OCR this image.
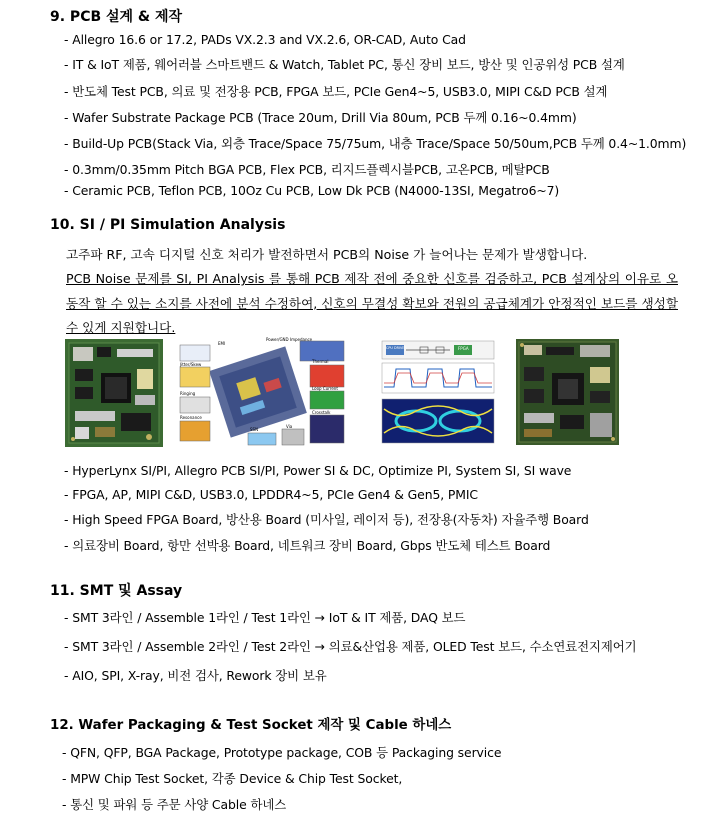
9. PCB 설계 & 제작
- Allegro 16.6 or 17.2, PADs VX.2.3 and VX.2.6, OR-CAD, Auto Cad
- IT & IoT 제품, 웨어러블 스마트밴드 & Watch, Tablet PC, 통신 장비 보드, 방산 및 인공위성 PCB 설계
- 반도체 Test PCB, 의료 및 전장용 PCB, FPGA 보드, PCIe Gen4~5, USB3.0, MIPI C&D PCB 설계
- Wafer Substrate Package PCB (Trace 20um, Drill Via 80um, PCB 두께 0.16~0.4mm)
- Build-Up PCB(Stack Via, 외층 Trace/Space 75/75um, 내층 Trace/Space 50/50um,PCB 두께 0.4~1.0mm)
- 0.3mm/0.35mm Pitch BGA PCB, Flex PCB, 리지드플렉시블PCB, 고온PCB, 메탈PCB
- Ceramic PCB, Teflon PCB, 10Oz Cu PCB, Low Dk PCB (N4000-13SI, Megatro6~7)
10. SI / PI Simulation Analysis
고주파 RF, 고속 디지털 신호 처리가 발전하면서 PCB의 Noise 가 늘어나는 문제가 발생합니다.
PCB Noise 문제를 SI, PI Analysis 를 통해 PCB 제작 전에 중요한 신호를 검증하고, PCB 설계상의 이유로 오 동작 할 수 있는 소지를 사전에 분석 수정하여, 신호의 무결성 확보와 전원의 공급체계가 안정적인 보드를 생성할 수 있게 지원합니다.
Power/GND Impedance
EMI
Jitter/Skew
Thermal
Ringing
Loop Current
Crosstalk
Resonance
SSN
Via
CPU DRIVER	FPGA
- HyperLynx SI/PI, Allegro PCB SI/PI, Power SI & DC, Optimize PI, System SI, SI wave
- FPGA, AP, MIPI C&D, USB3.0, LPDDR4~5, PCIe Gen4 & Gen5, PMIC
- High Speed FPGA Board, 방산용 Board (미사일, 레이저 등), 전장용(자동차) 자율주행 Board
- 의료장비 Board, 항만 선박용 Board, 네트워크 장비 Board, Gbps 반도체 테스트 Board
11. SMT 및 Assay
- SMT 3라인 / Assemble 1라인 / Test 1라인 → IoT & IT 제품, DAQ 보드
- SMT 3라인 / Assemble 2라인 / Test 2라인 → 의료&산업용 제품, OLED Test 보드, 수소연료전지제어기
- AIO, SPI, X-ray, 비전 검사, Rework 장비 보유
12. Wafer Packaging & Test Socket 제작 및 Cable 하네스
- QFN, QFP, BGA Package, Prototype package, COB 등 Packaging service
- MPW Chip Test Socket, 각종 Device & Chip Test Socket,
- 통신 및 파워 등 주문 사양 Cable 하네스
